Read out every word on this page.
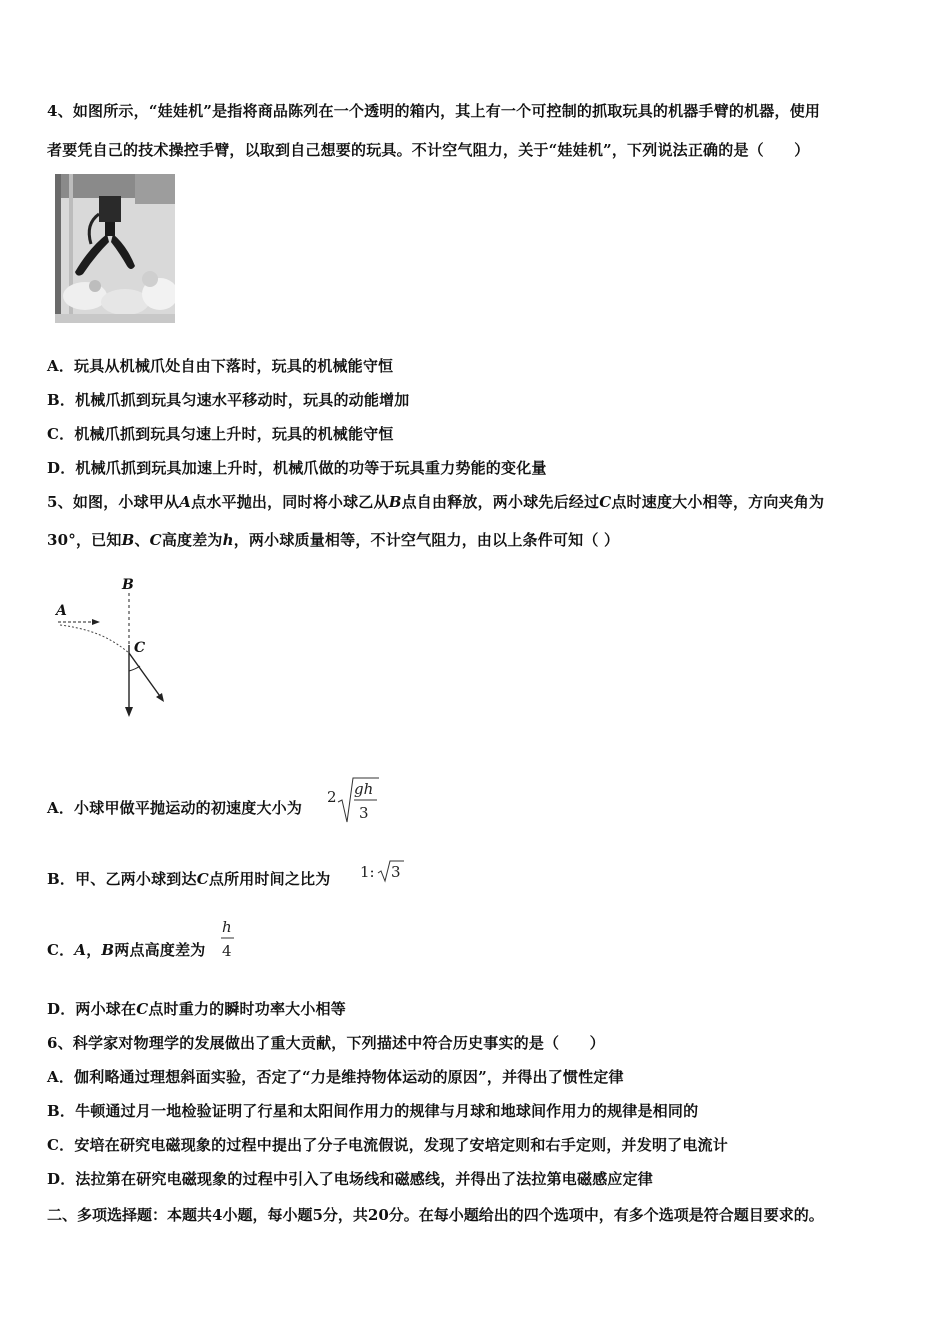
4、如图所示，“娃娃机”是指将商品陈列在一个透明的箱内，其上有一个可控制的抓取玩具的机器手臂的机器，使用
者要凭自己的技术操控手臂，以取到自己想要的玩具。不计空气阻力，关于“娃娃机”，下列说法正确的是（　　）
A．玩具从机械爪处自由下落时，玩具的机械能守恒
B．机械爪抓到玩具匀速水平移动时，玩具的动能增加
C．机械爪抓到玩具匀速上升时，玩具的机械能守恒
D．机械爪抓到玩具加速上升时，机械爪做的功等于玩具重力势能的变化量
5、如图，小球甲从A点水平抛出，同时将小球乙从B点自由释放，两小球先后经过C点时速度大小相等，方向夹角为
30°，已知B、C高度差为h，两小球质量相等，不计空气阻力，由以上条件可知（ ）
B
A
C
A．小球甲做平抛运动的初速度大小为
2 gh
3
B．甲、乙两小球到达C点所用时间之比为 1: 3
C．A，B两点高度差为
h
4
D．两小球在C点时重力的瞬时功率大小相等
6、科学家对物理学的发展做出了重大贡献，下列描述中符合历史事实的是（　　）
A．伽利略通过理想斜面实验，否定了“力是维持物体运动的原因”，并得出了惯性定律
B．牛顿通过月一地检验证明了行星和太阳间作用力的规律与月球和地球间作用力的规律是相同的
C．安培在研究电磁现象的过程中提出了分子电流假说，发现了安培定则和右手定则，并发明了电流计
D．法拉第在研究电磁现象的过程中引入了电场线和磁感线，并得出了法拉第电磁感应定律
二、多项选择题：本题共4小题，每小题5分，共20分。在每小题给出的四个选项中，有多个选项是符合题目要求的。
